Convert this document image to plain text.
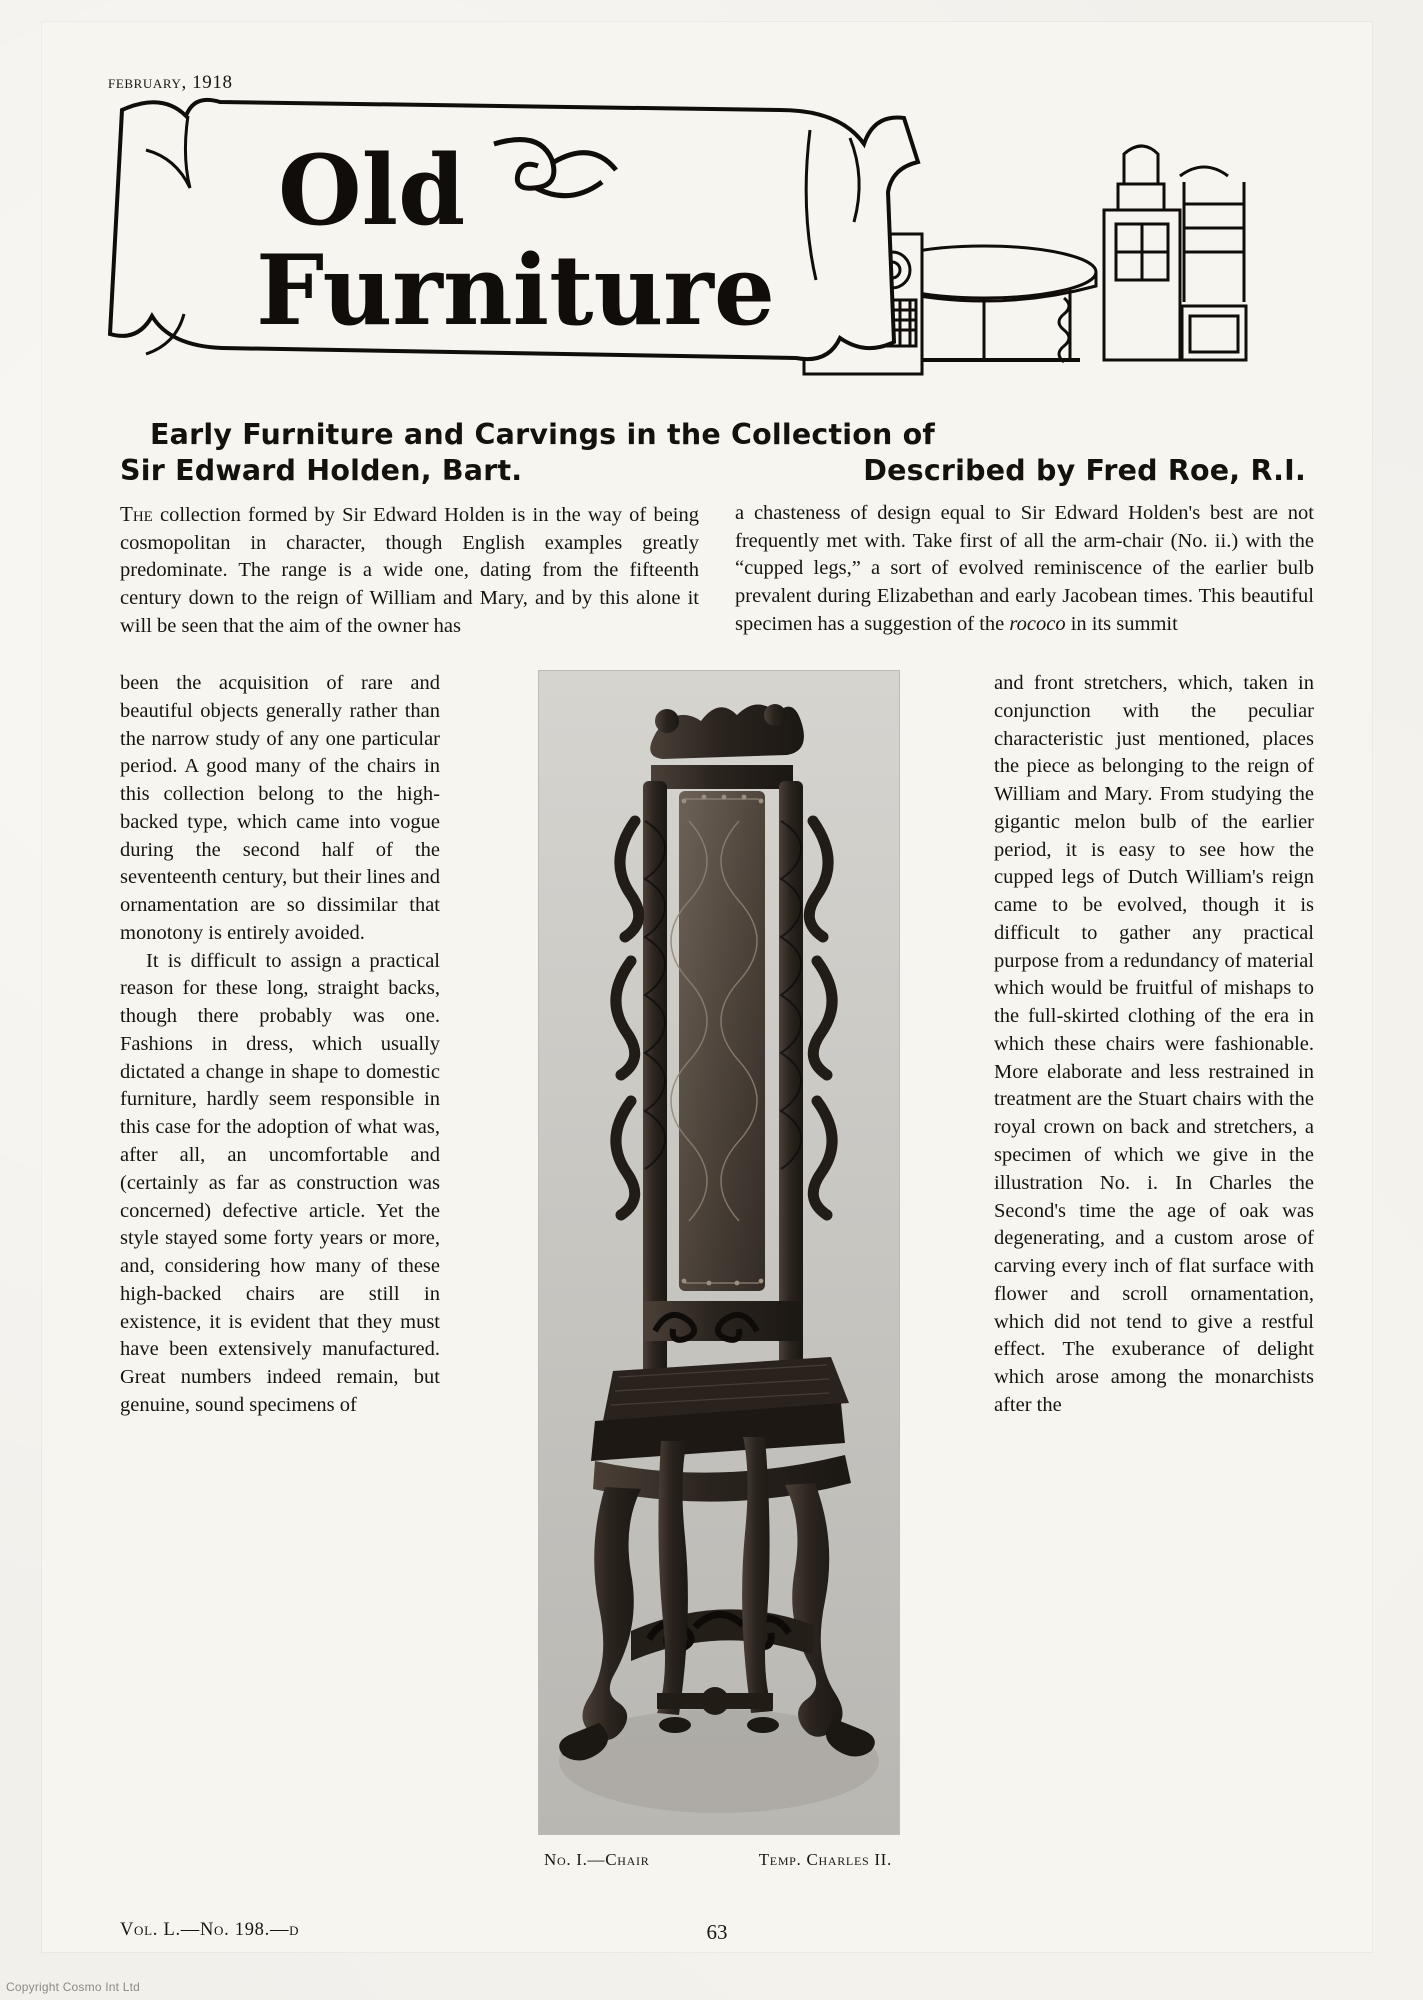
february, 1918
Old
Furniture
Early Furniture and Carvings in the Collection of
Sir Edward Holden, Bart.	Described by Fred Roe, R.I.

The collection formed by Sir Edward Holden is in the way of being cosmopolitan in character, though English examples greatly predominate. The range is a wide one, dating from the fifteenth century down to the reign of William and Mary, and by this alone it will be seen that the aim of the owner has

a chasteness of design equal to Sir Edward Holden's best are not frequently met with. Take first of all the arm-chair (No. ii.) with the “cupped legs,” a sort of evolved reminiscence of the earlier bulb prevalent during Elizabethan and early Jacobean times. This beautiful specimen has a suggestion of the rococo in its summit

been the acquisition of rare and beautiful objects generally rather than the narrow study of any one particular period. A good many of the chairs in this collection belong to the high-backed type, which came into vogue during the second half of the seventeenth century, but their lines and ornamentation are so dissimilar that monotony is entirely avoided.

It is difficult to assign a practical reason for these long, straight backs, though there probably was one. Fashions in dress, which usually dictated a change in shape to domestic furniture, hardly seem responsible in this case for the adoption of what was, after all, an uncomfortable and (certainly as far as construction was concerned) defective article. Yet the style stayed some forty years or more, and, considering how many of these high-backed chairs are still in existence, it is evident that they must have been extensively manufactured. Great numbers indeed remain, but genuine, sound specimens of

No. I.—Chair	Temp. Charles II.

and front stretchers, which, taken in conjunction with the peculiar characteristic just mentioned, places the piece as belonging to the reign of William and Mary. From studying the gigantic melon bulb of the earlier period, it is easy to see how the cupped legs of Dutch William's reign came to be evolved, though it is difficult to gather any practical purpose from a redundancy of material which would be fruitful of mishaps to the full-skirted clothing of the era in which these chairs were fashionable. More elaborate and less restrained in treatment are the Stuart chairs with the royal crown on back and stretchers, a specimen of which we give in the illustration No. i. In Charles the Second's time the age of oak was degenerating, and a custom arose of carving every inch of flat surface with flower and scroll ornamentation, which did not tend to give a restful effect. The exuberance of delight which arose among the monarchists after the

Vol. L.—No. 198.—d	63
Copyright Cosmo Int Ltd
